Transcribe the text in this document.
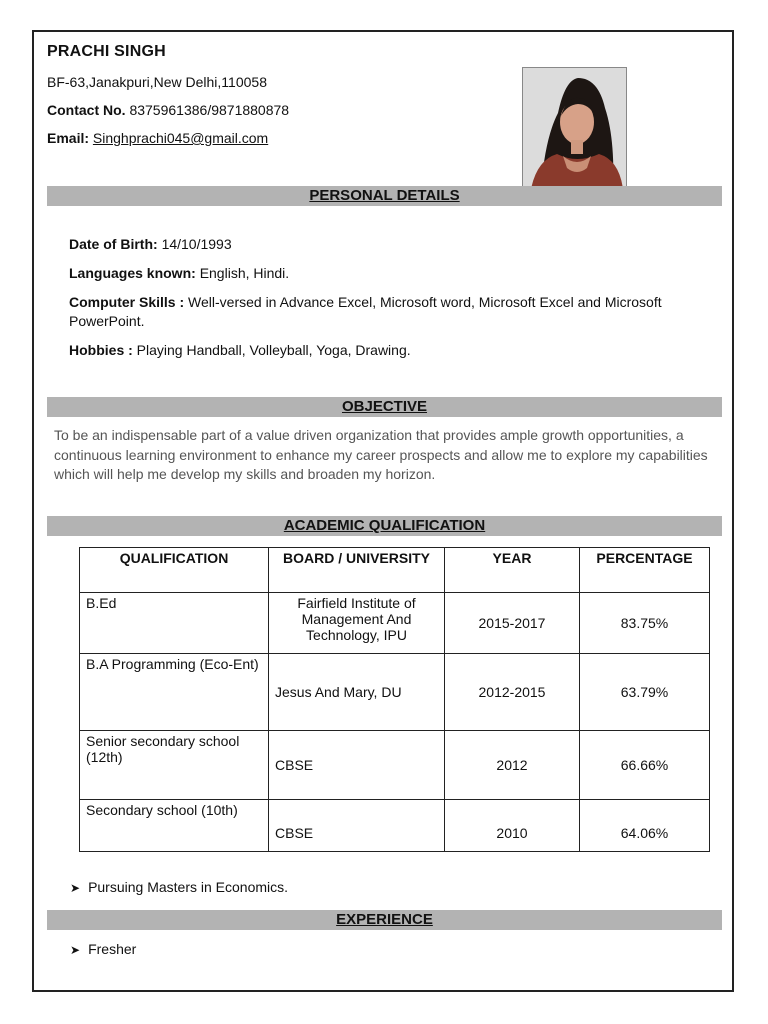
PRACHI SINGH
BF-63,Janakpuri,New Delhi,110058
Contact No. 8375961386/9871880878
Email: Singhprachi045@gmail.com
PERSONAL DETAILS
Date of Birth: 14/10/1993
Languages known: English, Hindi.
Computer Skills : Well-versed in Advance Excel, Microsoft word, Microsoft Excel and Microsoft PowerPoint.
Hobbies : Playing Handball, Volleyball, Yoga, Drawing.
OBJECTIVE
To be an indispensable part of a value driven organization that provides ample growth opportunities, a continuous learning environment to enhance my career prospects and allow me to explore my capabilities which will help me develop my skills and broaden my horizon.
ACADEMIC QUALIFICATION
QUALIFICATION	BOARD / UNIVERSITY	YEAR	PERCENTAGE
B.Ed	Fairfield Institute of Management And Technology, IPU	2015-2017	83.75%
B.A Programming (Eco-Ent)	Jesus And Mary, DU	2012-2015	63.79%
Senior secondary school (12th)	CBSE	2012	66.66%
Secondary school (10th)	CBSE	2010	64.06%
➤ Pursuing Masters in Economics.
EXPERIENCE
➤ Fresher
